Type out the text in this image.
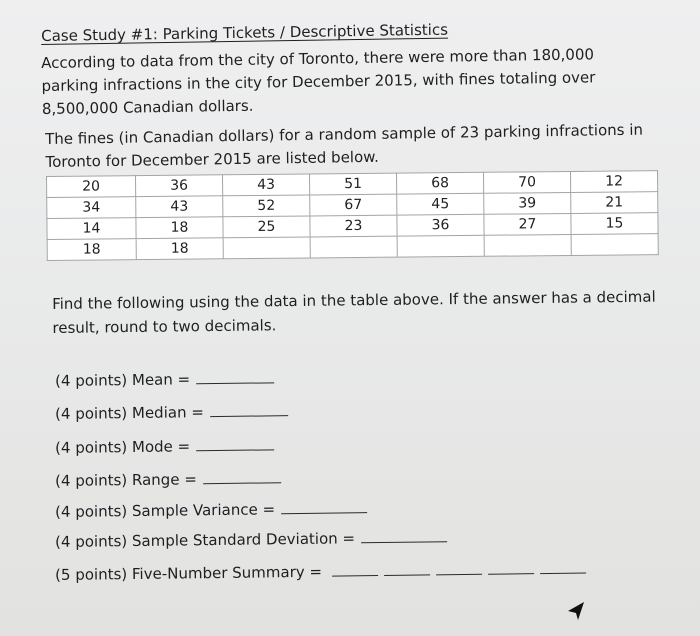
Case Study #1: Parking Tickets / Descriptive Statistics
According to data from the city of Toronto, there were more than 180,000 parking infractions in the city for December 2015, with fines totaling over 8,500,000 Canadian dollars.
The fines (in Canadian dollars) for a random sample of 23 parking infractions in Toronto for December 2015 are listed below.
20	36	43	51	68	70	12
34	43	52	67	45	39	21
14	18	25	23	36	27	15
18	18					
Find the following using the data in the table above. If the answer has a decimal result, round to two decimals.
(4 points) Mean =
(4 points) Median =
(4 points) Mode =
(4 points) Range =
(4 points) Sample Variance =
(4 points) Sample Standard Deviation =
(5 points) Five-Number Summary =
